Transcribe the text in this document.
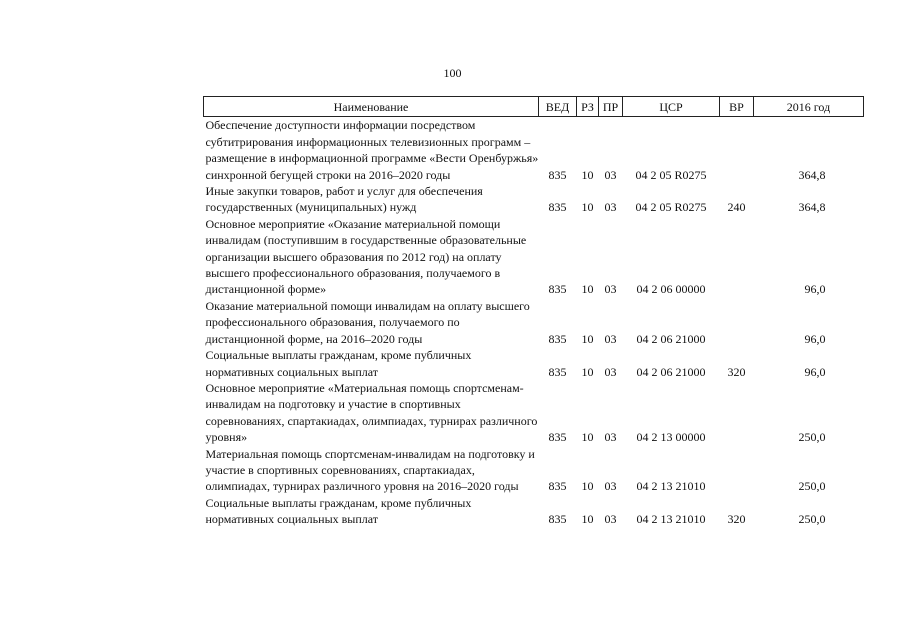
100
Наименование	ВЕД	РЗ	ПР	ЦСР	ВР	2016 год
Обеспечение доступности информации посредством субтитрирования информационных телевизионных программ – размещение в информационной программе «Вести Оренбуржья» синхронной бегущей строки на 2016–2020 годы	835	10	03	04 2 05 R0275		364,8
Иные закупки товаров, работ и услуг для обеспечения государственных (муниципальных) нужд	835	10	03	04 2 05 R0275	240	364,8
Основное мероприятие «Оказание материальной помощи инвалидам (поступившим в государственные образовательные организации высшего образования по 2012 год) на оплату высшего профессионального образования, получаемого в дистанционной форме»	835	10	03	04 2 06 00000		96,0
Оказание материальной помощи инвалидам на оплату высшего профессионального образования, получаемого по дистанционной форме, на 2016–2020 годы	835	10	03	04 2 06 21000		96,0
Социальные выплаты гражданам, кроме публичных нормативных социальных выплат	835	10	03	04 2 06 21000	320	96,0
Основное мероприятие «Материальная помощь спортсменам-инвалидам на подготовку и участие в спортивных соревнованиях, спартакиадах, олимпиадах, турнирах различного уровня»	835	10	03	04 2 13 00000		250,0
Материальная помощь спортсменам-инвалидам на подготовку и участие в спортивных соревнованиях, спартакиадах, олимпиадах, турнирах различного уровня на 2016–2020 годы	835	10	03	04 2 13 21010		250,0
Социальные выплаты гражданам, кроме публичных нормативных социальных выплат	835	10	03	04 2 13 21010	320	250,0
